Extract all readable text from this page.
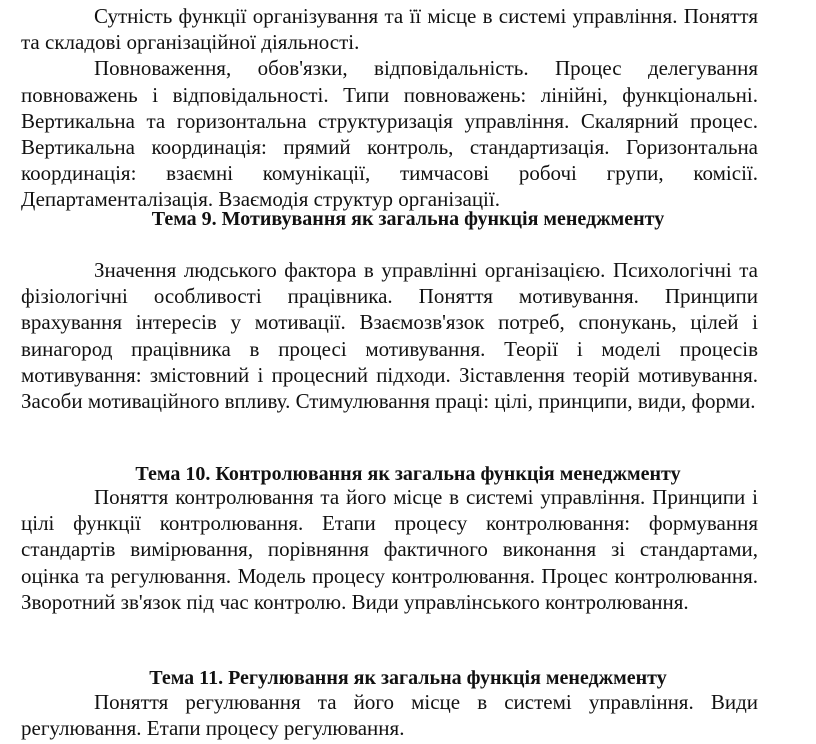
Сутність функції організування та її місце в системі управління. Поняття та складові організаційної діяльності.

Повноваження, обов'язки, відповідальність. Процес делегування повноважень і відповідальності. Типи повноважень: лінійні, функціональні. Вертикальна та горизонтальна структуризація управління. Скалярний процес. Вертикальна координація: прямий контроль, стандартизація. Горизонтальна координація: взаємні комунікації, тимчасові робочі групи, комісії. Департаменталізація. Взаємодія структур організації.

Тема 9. Мотивування як загальна функція менеджменту

Значення людського фактора в управлінні організацією. Психологічні та фізіологічні особливості працівника. Поняття мотивування. Принципи врахування інтересів у мотивації. Взаємозв'язок потреб, спонукань, цілей і винагород працівника в процесі мотивування. Теорії і моделі процесів мотивування: змістовний і процесний підходи. Зіставлення теорій мотивування. Засоби мотиваційного впливу. Стимулювання праці: цілі, принципи, види, форми.

Тема 10. Контролювання як загальна функція менеджменту

Поняття контролювання та його місце в системі управління. Принципи і цілі функції контролювання. Етапи процесу контролювання: формування стандартів вимірювання, порівняння фактичного виконання зі стандартами, оцінка та регулювання. Модель процесу контролювання. Процес контролювання. Зворотний зв'язок під час контролю. Види управлінського контролювання.

Тема 11. Регулювання як загальна функція менеджменту

Поняття регулювання та його місце в системі управління. Види регулювання. Етапи процесу регулювання.
